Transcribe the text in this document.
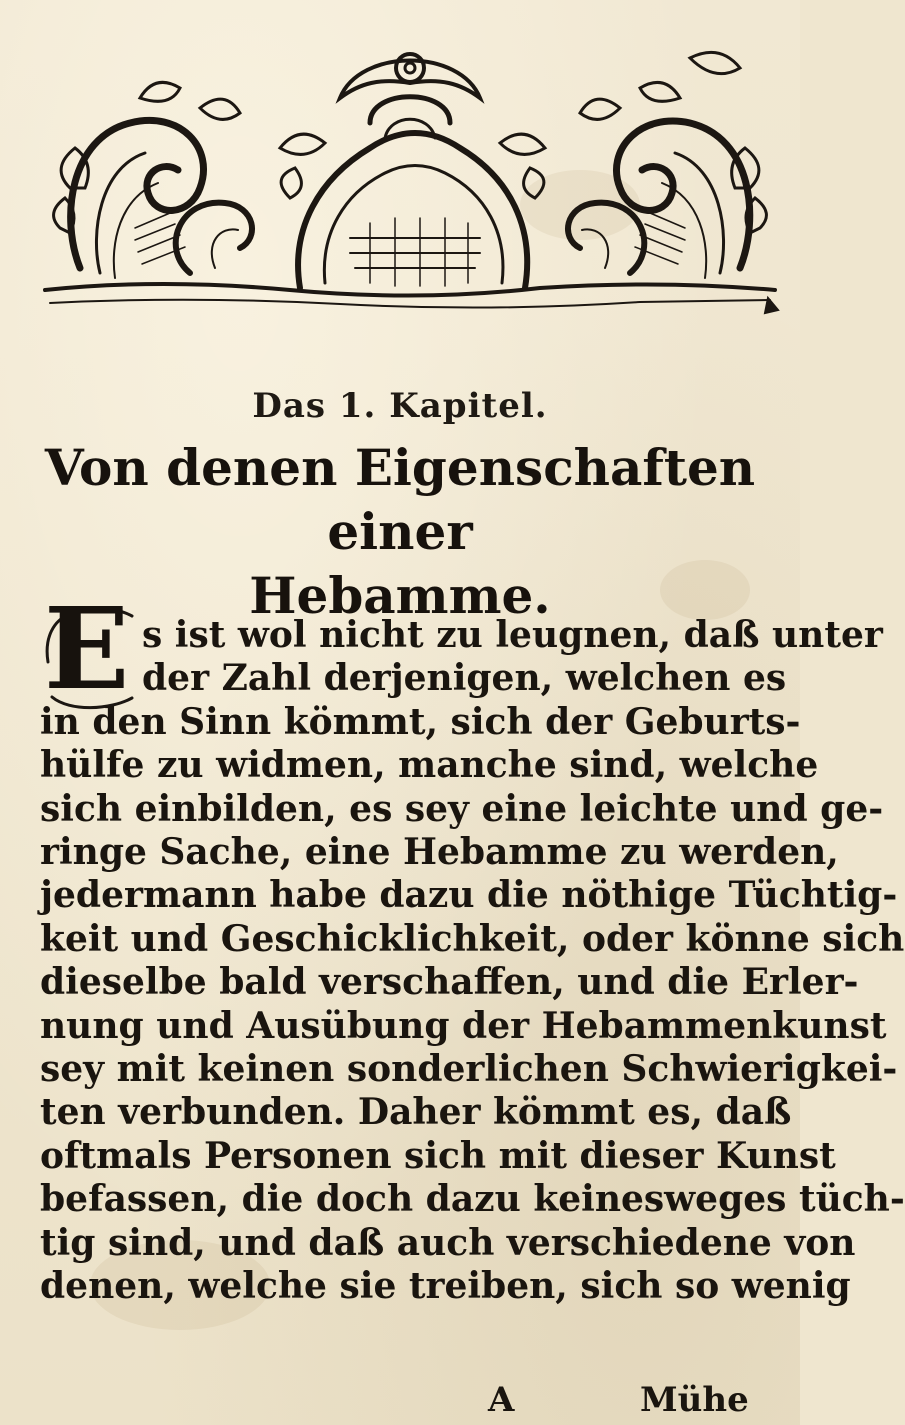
Das 1. Kapitel.
Von denen Eigenschaften einer
Hebamme.
E s ist wol nicht zu leugnen, daß unter
der Zahl derjenigen, welchen es
in den Sinn kömmt, sich der Geburts-
hülfe zu widmen, manche sind, welche
sich einbilden, es sey eine leichte und ge-
ringe Sache, eine Hebamme zu werden,
jedermann habe dazu die nöthige Tüchtig-
keit und Geschicklichkeit, oder könne sich
dieselbe bald verschaffen, und die Erler-
nung und Ausübung der Hebammenkunst
sey mit keinen sonderlichen Schwierigkei-
ten verbunden. Daher kömmt es, daß
oftmals Personen sich mit dieser Kunst
befassen, die doch dazu keinesweges tüch-
tig sind, und daß auch verschiedene von
denen, welche sie treiben, sich so wenig
A	Mühe
